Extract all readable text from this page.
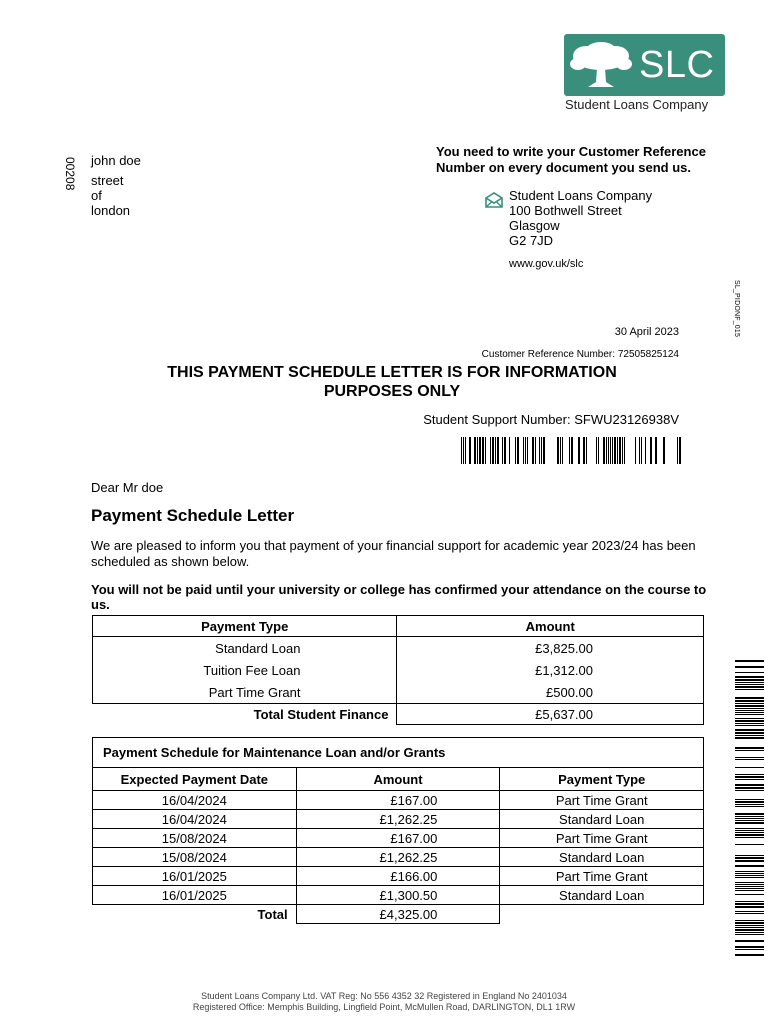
SLC
Student Loans Company
00208 john doe
street
of
london
You need to write your Customer Reference Number on every document you send us.
Student Loans Company
100 Bothwell Street
Glasgow
G2 7JD
www.gov.uk/slc
SL_PIDONF_015
30 April 2023
Customer Reference Number: 72505825124
THIS PAYMENT SCHEDULE LETTER IS FOR INFORMATION PURPOSES ONLY
Student Support Number: SFWU23126938V
Dear Mr doe
Payment Schedule Letter
We are pleased to inform you that payment of your financial support for academic year 2023/24 has been scheduled as shown below.
You will not be paid until your university or college has confirmed your attendance on the course to us.
Payment Type	Amount
Standard Loan	£3,825.00
Tuition Fee Loan	£1,312.00
Part Time Grant	£500.00
Total Student Finance	£5,637.00
Payment Schedule for Maintenance Loan and/or Grants		
Expected Payment Date	Amount	Payment Type
16/04/2024	£167.00	Part Time Grant
16/04/2024	£1,262.25	Standard Loan
15/08/2024	£167.00	Part Time Grant
15/08/2024	£1,262.25	Standard Loan
16/01/2025	£166.00	Part Time Grant
16/01/2025	£1,300.50	Standard Loan
Total	£4,325.00	
Student Loans Company Ltd. VAT Reg: No 556 4352 32 Registered in England No 2401034
Registered Office: Memphis Building, Lingfield Point, McMullen Road, DARLINGTON, DL1 1RW
